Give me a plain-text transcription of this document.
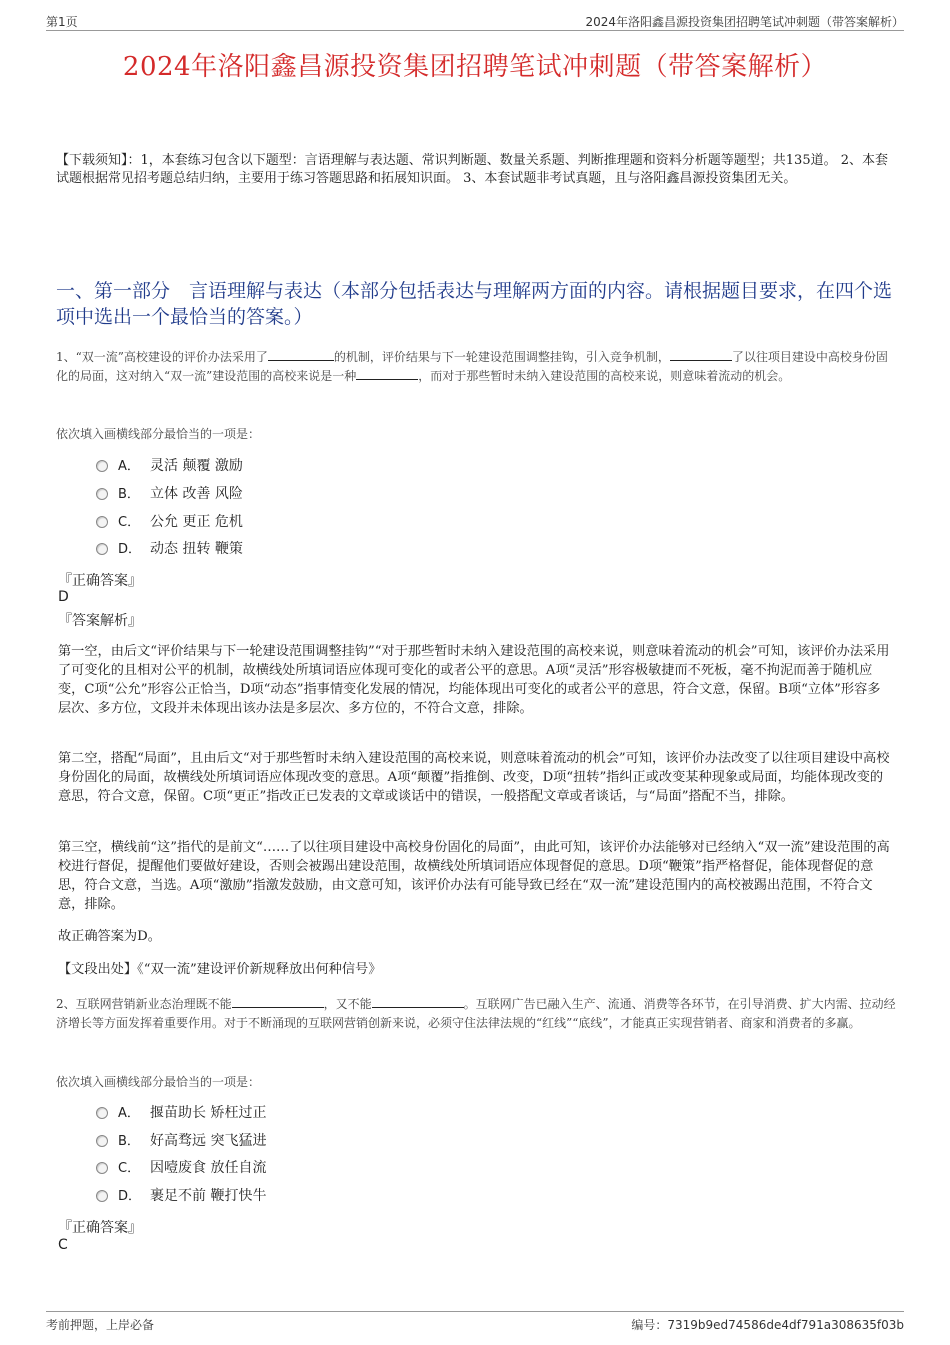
第1页	2024年洛阳鑫昌源投资集团招聘笔试冲刺题（带答案解析）
2024年洛阳鑫昌源投资集团招聘笔试冲刺题（带答案解析）
【下载须知】：1，本套练习包含以下题型：言语理解与表达题、常识判断题、数量关系题、判断推理题和资料分析题等题型；共135道。 2、本套试题根据常见招考题总结归纳，主要用于练习答题思路和拓展知识面。 3、本套试题非考试真题，且与洛阳鑫昌源投资集团无关。
一、第一部分　言语理解与表达（本部分包括表达与理解两方面的内容。请根据题目要求，在四个选项中选出一个最恰当的答案。）
1、“双一流”高校建设的评价办法采用了	的机制，评价结果与下一轮建设范围调整挂钩，引入竞争机制，	了以往项目建设中高校身份固化的局面，这对纳入“双一流”建设范围的高校来说是一种	，而对于那些暂时未纳入建设范围的高校来说，则意味着流动的机会。
依次填入画横线部分最恰当的一项是：
A． 灵活 颠覆 激励
B． 立体 改善 风险
C． 公允 更正 危机
D． 动态 扭转 鞭策
『正确答案』
D
『答案解析』
第一空，由后文“评价结果与下一轮建设范围调整挂钩”“对于那些暂时未纳入建设范围的高校来说，则意味着流动的机会”可知，该评价办法采用了可变化的且相对公平的机制，故横线处所填词语应体现可变化的或者公平的意思。A项“灵活”形容极敏捷而不死板，毫不拘泥而善于随机应变，C项“公允”形容公正恰当，D项“动态”指事情变化发展的情况，均能体现出可变化的或者公平的意思，符合文意，保留。B项“立体”形容多层次、多方位，文段并未体现出该办法是多层次、多方位的，不符合文意，排除。
第二空，搭配“局面”，且由后文“对于那些暂时未纳入建设范围的高校来说，则意味着流动的机会”可知，该评价办法改变了以往项目建设中高校身份固化的局面，故横线处所填词语应体现改变的意思。A项“颠覆”指推倒、改变，D项“扭转”指纠正或改变某种现象或局面，均能体现改变的意思，符合文意，保留。C项“更正”指改正已发表的文章或谈话中的错误，一般搭配文章或者谈话，与“局面”搭配不当，排除。
第三空，横线前“这”指代的是前文“……了以往项目建设中高校身份固化的局面”，由此可知，该评价办法能够对已经纳入“双一流”建设范围的高校进行督促，提醒他们要做好建设，否则会被踢出建设范围，故横线处所填词语应体现督促的意思。D项“鞭策”指严格督促，能体现督促的意思，符合文意，当选。A项“激励”指激发鼓励，由文意可知，该评价办法有可能导致已经在“双一流”建设范围内的高校被踢出范围，不符合文意，排除。
故正确答案为D。
【文段出处】《“双一流”建设评价新规释放出何种信号》
2、互联网营销新业态治理既不能	，又不能	。互联网广告已融入生产、流通、消费等各环节，在引导消费、扩大内需、拉动经济增长等方面发挥着重要作用。对于不断涌现的互联网营销创新来说，必须守住法律法规的“红线”“底线”，才能真正实现营销者、商家和消费者的多赢。
依次填入画横线部分最恰当的一项是：
A． 揠苗助长 矫枉过正
B． 好高骛远 突飞猛进
C． 因噎废食 放任自流
D． 裹足不前 鞭打快牛
『正确答案』
C
考前押题，上岸必备	编号：7319b9ed74586de4df791a308635f03b
